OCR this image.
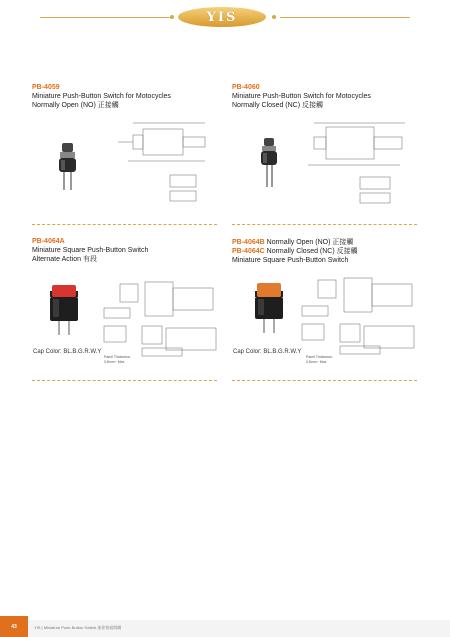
YIS
PB-4059
Miniature Push-Button Switch for Motocycles
Normally Open (NO) 正接觸
PB-4060
Miniature Push-Button Switch for Motocycles
Normally Closed (NC) 反接觸
PB-4064A
Miniature Square Push-Button Switch
Alternate Action 有段
Cap Color: BL.B.G.R.W.Y
Panel Thickness:
0.8mm~ Max
PB-4064B Normally Open (NO) 正接觸
PB-4064C Normally Closed (NC) 反接觸
Miniature Square Push-Button Switch
Cap Color: BL.B.G.R.W.Y
Panel Thickness:
0.8mm~ Max
43	YIS | Miniature Push-Button Switch 迷你按鈕開關
